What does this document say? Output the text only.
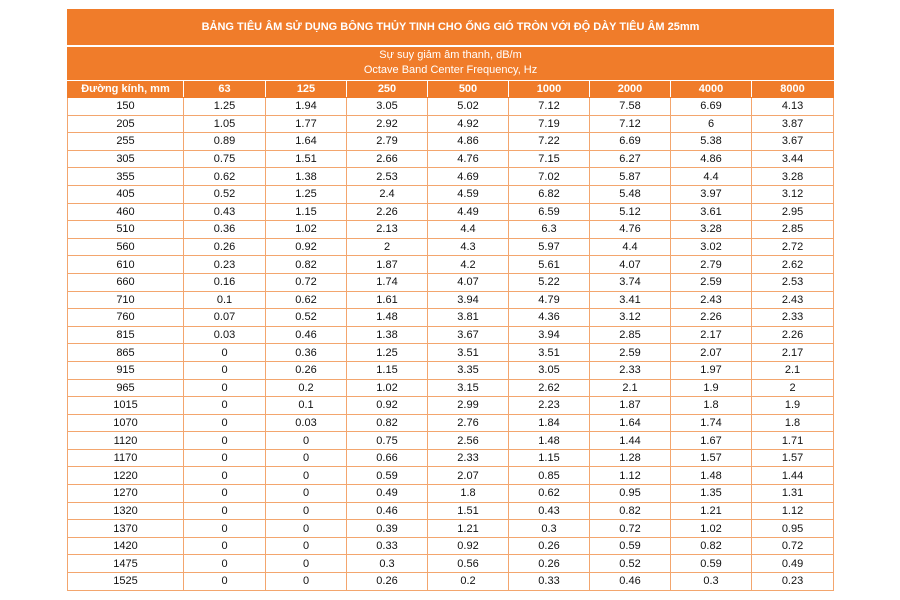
BẢNG TIÊU ÂM SỬ DỤNG BÔNG THỦY TINH CHO ỐNG GIÓ TRÒN VỚI ĐỘ DÀY TIÊU ÂM 25mm								

Sự suy giảm âm thanh, dB/m
Octave Band Center Frequency, Hz								

Đường kính, mm	63	125	250	500	1000	2000	4000	8000
150	1.25	1.94	3.05	5.02	7.12	7.58	6.69	4.13
205	1.05	1.77	2.92	4.92	7.19	7.12	6	3.87
255	0.89	1.64	2.79	4.86	7.22	6.69	5.38	3.67
305	0.75	1.51	2.66	4.76	7.15	6.27	4.86	3.44
355	0.62	1.38	2.53	4.69	7.02	5.87	4.4	3.28
405	0.52	1.25	2.4	4.59	6.82	5.48	3.97	3.12
460	0.43	1.15	2.26	4.49	6.59	5.12	3.61	2.95
510	0.36	1.02	2.13	4.4	6.3	4.76	3.28	2.85
560	0.26	0.92	2	4.3	5.97	4.4	3.02	2.72
610	0.23	0.82	1.87	4.2	5.61	4.07	2.79	2.62
660	0.16	0.72	1.74	4.07	5.22	3.74	2.59	2.53
710	0.1	0.62	1.61	3.94	4.79	3.41	2.43	2.43
760	0.07	0.52	1.48	3.81	4.36	3.12	2.26	2.33
815	0.03	0.46	1.38	3.67	3.94	2.85	2.17	2.26
865	0	0.36	1.25	3.51	3.51	2.59	2.07	2.17
915	0	0.26	1.15	3.35	3.05	2.33	1.97	2.1
965	0	0.2	1.02	3.15	2.62	2.1	1.9	2
1015	0	0.1	0.92	2.99	2.23	1.87	1.8	1.9
1070	0	0.03	0.82	2.76	1.84	1.64	1.74	1.8
1120	0	0	0.75	2.56	1.48	1.44	1.67	1.71
1170	0	0	0.66	2.33	1.15	1.28	1.57	1.57
1220	0	0	0.59	2.07	0.85	1.12	1.48	1.44
1270	0	0	0.49	1.8	0.62	0.95	1.35	1.31
1320	0	0	0.46	1.51	0.43	0.82	1.21	1.12
1370	0	0	0.39	1.21	0.3	0.72	1.02	0.95
1420	0	0	0.33	0.92	0.26	0.59	0.82	0.72
1475	0	0	0.3	0.56	0.26	0.52	0.59	0.49
1525	0	0	0.26	0.2	0.33	0.46	0.3	0.23
